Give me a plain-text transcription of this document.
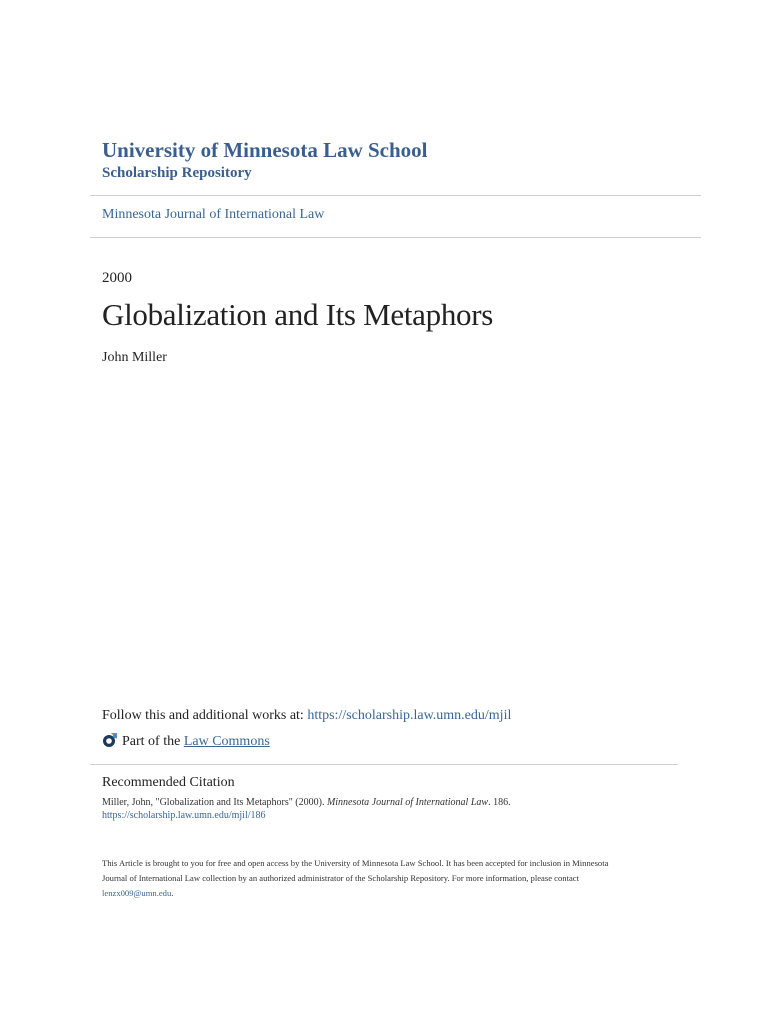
University of Minnesota Law School
Scholarship Repository
Minnesota Journal of International Law
2000
Globalization and Its Metaphors
John Miller
Follow this and additional works at: https://scholarship.law.umn.edu/mjil
Part of the
Law Commons
Recommended Citation
Miller, John, "Globalization and Its Metaphors" (2000). Minnesota Journal of International Law. 186.
https://scholarship.law.umn.edu/mjil/186
This Article is brought to you for free and open access by the University of Minnesota Law School. It has been accepted for inclusion in Minnesota
Journal of International Law collection by an authorized administrator of the Scholarship Repository. For more information, please contact
lenzx009@umn.edu.
